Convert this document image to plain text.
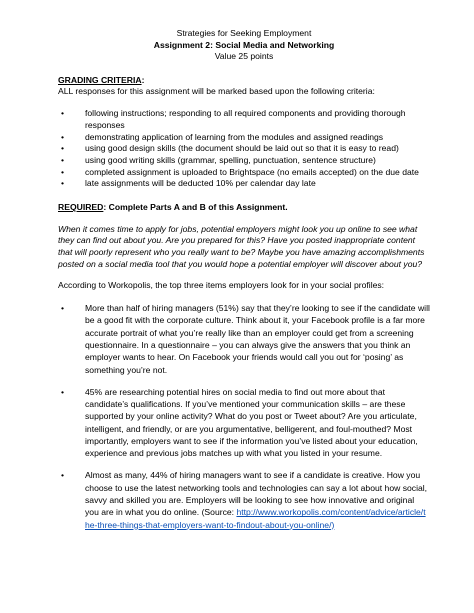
Strategies for Seeking Employment
Assignment 2: Social Media and Networking
Value 25 points

GRADING CRITERIA:

ALL responses for this assignment will be marked based upon the following criteria:

• following instructions; responding to all required components and providing thorough responses
• demonstrating application of learning from the modules and assigned readings
• using good design skills (the document should be laid out so that it is easy to read)
• using good writing skills (grammar, spelling, punctuation, sentence structure)
• completed assignment is uploaded to Brightspace (no emails accepted) on the due date
• late assignments will be deducted 10% per calendar day late

REQUIRED: Complete Parts A and B of this Assignment.

When it comes time to apply for jobs, potential employers might look you up online to see what they can find out about you. Are you prepared for this? Have you posted inappropriate content that will poorly represent who you really want to be? Maybe you have amazing accomplishments posted on a social media tool that you would hope a potential employer will discover about you?

According to Workopolis, the top three items employers look for in your social profiles:

• More than half of hiring managers (51%) say that they’re looking to see if the candidate will be a good fit with the corporate culture. Think about it, your Facebook profile is a far more accurate portrait of what you’re really like than an employer could get from a screening questionnaire. In a questionnaire – you can always give the answers that you think an employer wants to hear. On Facebook your friends would call you out for ‘posing’ as something you’re not.
• 45% are researching potential hires on social media to find out more about that candidate’s qualifications. If you’ve mentioned your communication skills – are these supported by your online activity? What do you post or Tweet about? Are you articulate, intelligent, and friendly, or are you argumentative, belligerent, and foul-mouthed? Most importantly, employers want to see if the information you’ve listed about your education, experience and previous jobs matches up with what you listed in your resume.
• Almost as many, 44% of hiring managers want to see if a candidate is creative. How you choose to use the latest networking tools and technologies can say a lot about how social, savvy and skilled you are. Employers will be looking to see how innovative and original you are in what you do online. (Source: http://www.workopolis.com/content/advice/article/the-three-things-that-employers-want-to-findout-about-you-online/)
